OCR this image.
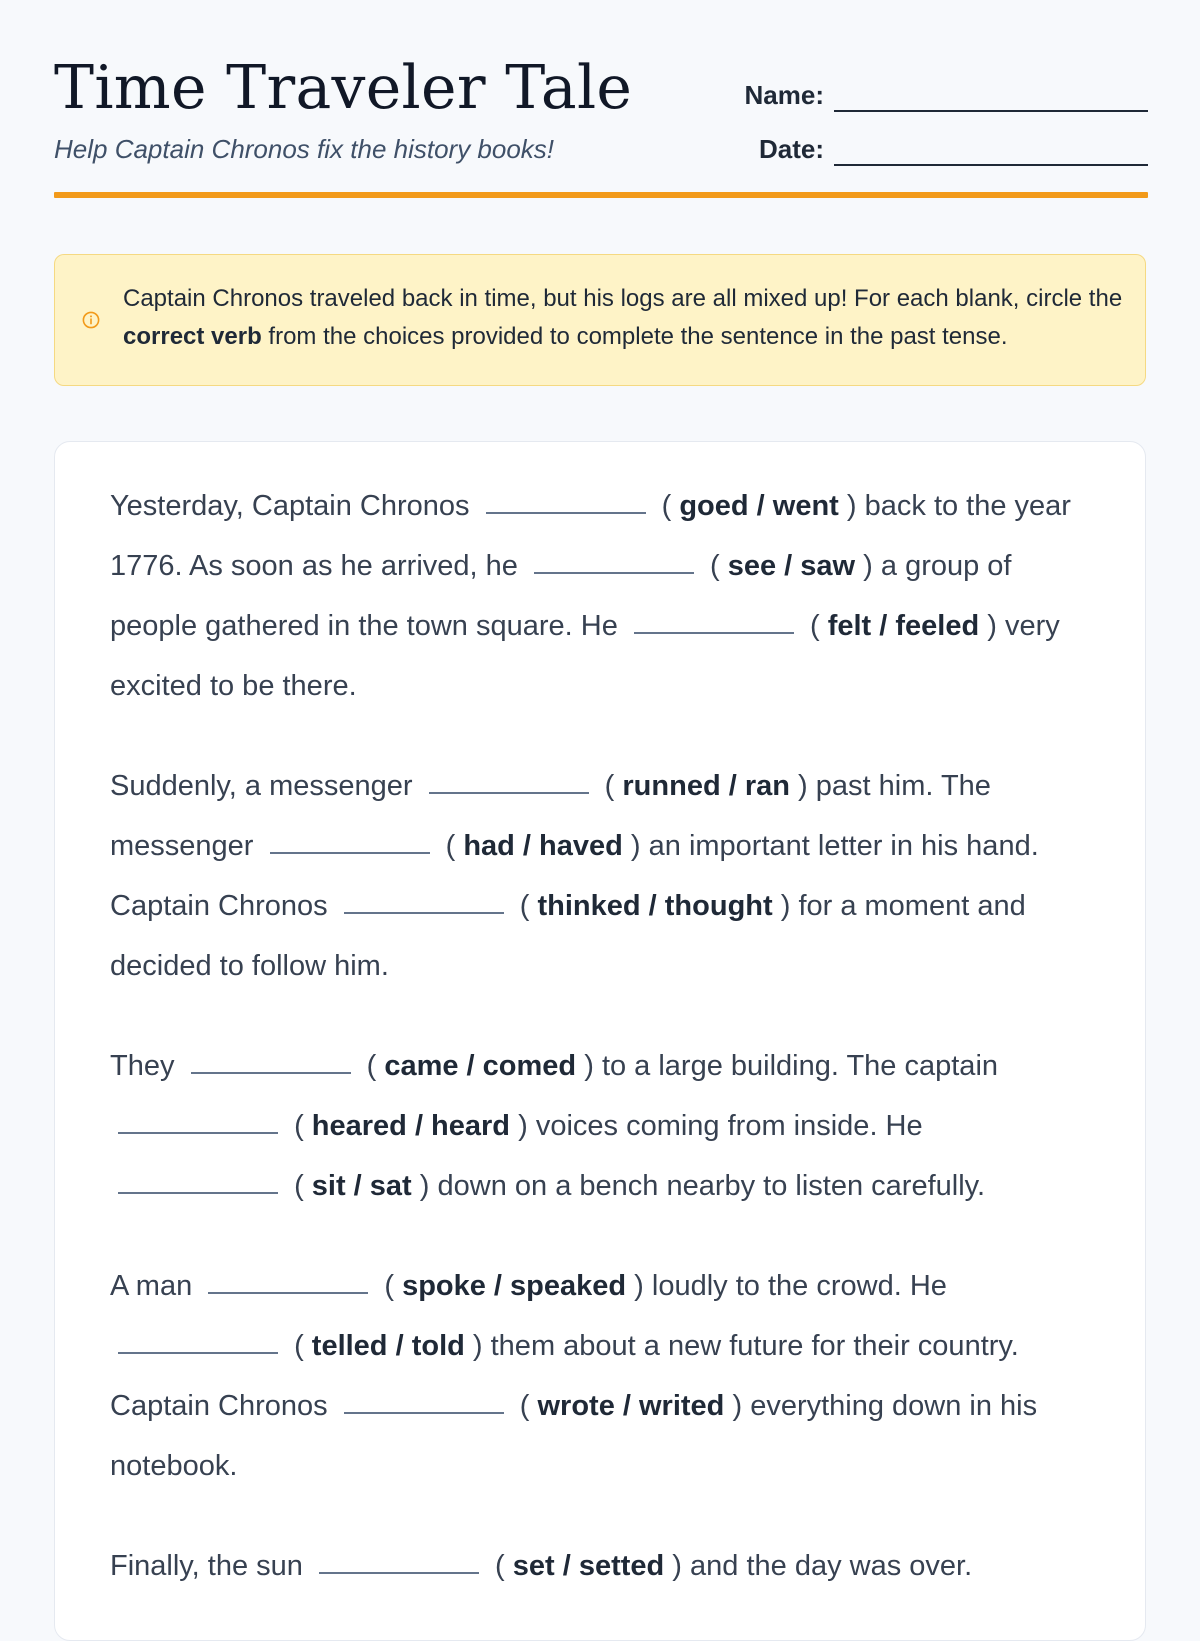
Time Traveler Tale
Help Captain Chronos fix the history books!
Name:
Date:
Captain Chronos traveled back in time, but his logs are all mixed up! For each blank, circle the correct verb from the choices provided to complete the sentence in the past tense.

Yesterday, Captain Chronos	( goed / went ) back to the year 1776. As soon as he arrived, he	( see / saw ) a group of people gathered in the town square. He	( felt / feeled ) very excited to be there.

Suddenly, a messenger	( runned / ran ) past him. The messenger	( had / haved ) an important letter in his hand. Captain Chronos	( thinked / thought ) for a moment and decided to follow him.

They	( came / comed ) to a large building. The captain  ( heared / heard ) voices coming from inside. He  ( sit / sat ) down on a bench nearby to listen carefully.

A man	( spoke / speaked ) loudly to the crowd. He  ( telled / told ) them about a new future for their country. Captain Chronos	( wrote / writed ) everything down in his notebook.

Finally, the sun	( set / setted ) and the day was over.
